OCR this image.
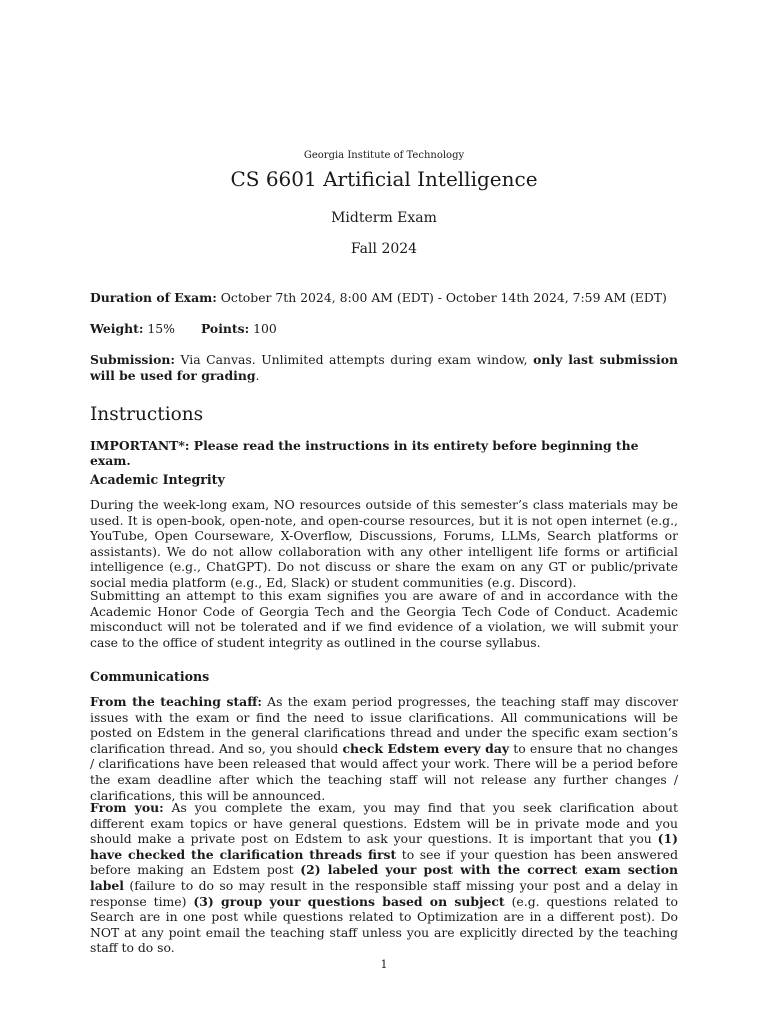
Georgia Institute of Technology
CS 6601 Artificial Intelligence
Midterm Exam
Fall 2024
Duration of Exam: October 7th 2024, 8:00 AM (EDT) - October 14th 2024, 7:59 AM (EDT)
Weight: 15% Points: 100
Submission: Via Canvas. Unlimited attempts during exam window, only last submission will be used for grading.
Instructions
IMPORTANT*: Please read the instructions in its entirety before beginning the exam.
Academic Integrity
During the week-long exam, NO resources outside of this semester’s class materials may be used. It is open-book, open-note, and open-course resources, but it is not open internet (e.g., YouTube, Open Courseware, X-Overflow, Discussions, Forums, LLMs, Search platforms or assistants). We do not allow collaboration with any other intelligent life forms or artificial intelligence (e.g., ChatGPT). Do not discuss or share the exam on any GT or public/private social media platform (e.g., Ed, Slack) or student communities (e.g. Discord).
Submitting an attempt to this exam signifies you are aware of and in accordance with the Academic Honor Code of Georgia Tech and the Georgia Tech Code of Conduct. Academic misconduct will not be tolerated and if we find evidence of a violation, we will submit your case to the office of student integrity as outlined in the course syllabus.
Communications
From the teaching staff: As the exam period progresses, the teaching staff may discover issues with the exam or find the need to issue clarifications. All communications will be posted on Edstem in the general clarifications thread and under the specific exam section’s clarification thread. And so, you should check Edstem every day to ensure that no changes / clarifications have been released that would affect your work. There will be a period before the exam deadline after which the teaching staff will not release any further changes / clarifications, this will be announced.
From you: As you complete the exam, you may find that you seek clarification about different exam topics or have general questions. Edstem will be in private mode and you should make a private post on Edstem to ask your questions. It is important that you (1) have checked the clarification threads first to see if your question has been answered before making an Edstem post (2) labeled your post with the correct exam section label (failure to do so may result in the responsible staff missing your post and a delay in response time) (3) group your questions based on subject (e.g. questions related to Search are in one post while questions related to Optimization are in a different post). Do NOT at any point email the teaching staff unless you are explicitly directed by the teaching staff to do so.
1
